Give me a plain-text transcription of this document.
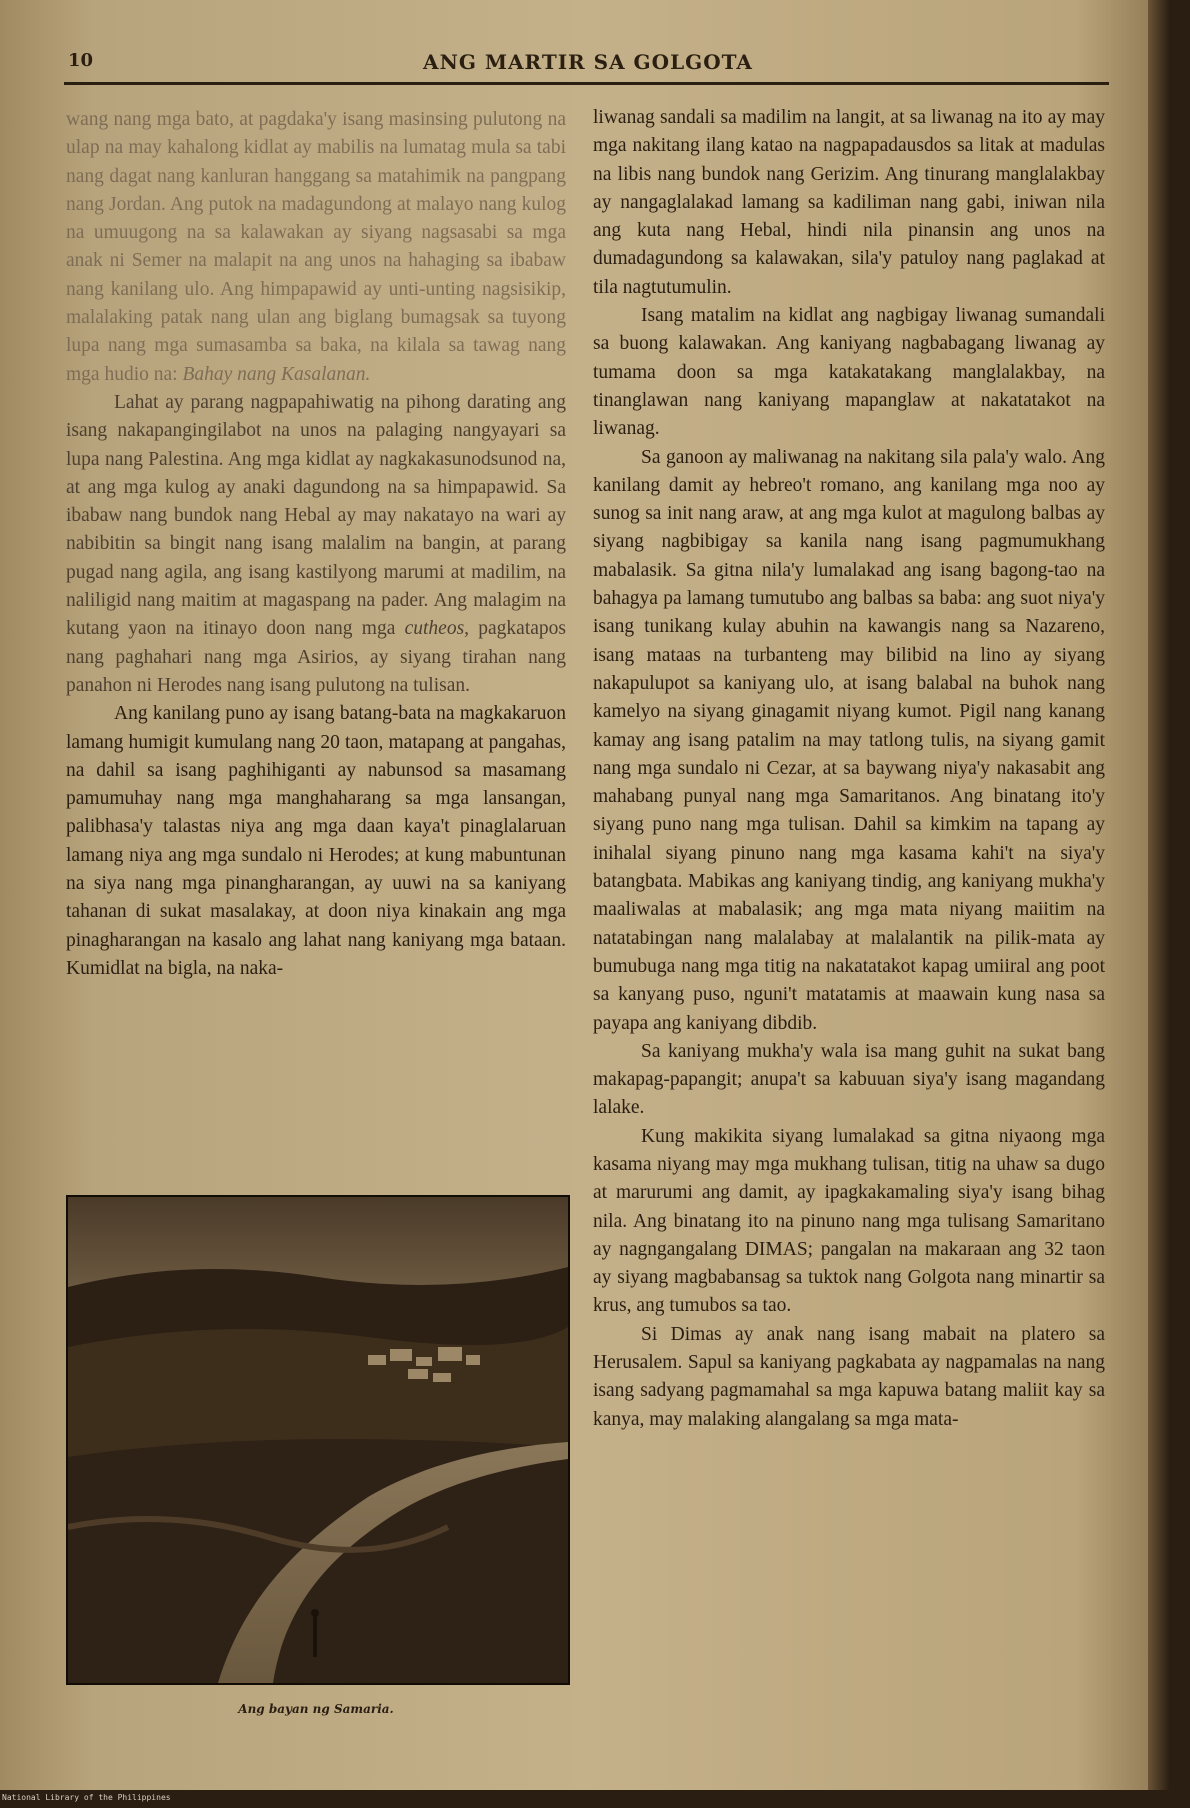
10	ANG MARTIR SA GOLGOTA

wang nang mga bato, at pagdaka'y isang masinsing pulutong na ulap na may kahalong kidlat ay mabilis na lumatag mula sa tabi nang dagat nang kanluran hanggang sa matahimik na pangpang nang Jordan. Ang putok na madagundong at malayo nang kulog na umuugong na sa kalawakan ay siyang nagsasabi sa mga anak ni Semer na malapit na ang unos na hahaging sa ibabaw nang kanilang ulo. Ang himpapawid ay unti-unting nagsisikip, malalaking patak nang ulan ang biglang bumagsak sa tuyong lupa nang mga sumasamba sa baka, na kilala sa tawag nang mga hudio na: Bahay nang Kasalanan.

Lahat ay parang nagpapahiwatig na pihong darating ang isang nakapangingilabot na unos na palaging nangyayari sa lupa nang Palestina. Ang mga kidlat ay nagkakasunodsunod na, at ang mga kulog ay anaki dagundong na sa himpapawid. Sa ibabaw nang bundok nang Hebal ay may nakatayo na wari ay nabibitin sa bingit nang isang malalim na bangin, at parang pugad nang agila, ang isang kastilyong marumi at madilim, na naliligid nang maitim at magaspang na pader. Ang malagim na kutang yaon na itinayo doon nang mga cutheos, pagkatapos nang paghahari nang mga Asirios, ay siyang tirahan nang panahon ni Herodes nang isang pulutong na tulisan.

Ang kanilang puno ay isang batang-bata na magkakaruon lamang humigit kumulang nang 20 taon, matapang at pangahas, na dahil sa isang paghihiganti ay nabunsod sa masamang pamumuhay nang mga manghaharang sa mga lansangan, palibhasa'y talastas niya ang mga daan kaya't pinaglalaruan lamang niya ang mga sundalo ni Herodes; at kung mabuntunan na siya nang mga pinangharangan, ay uuwi na sa kaniyang tahanan di sukat masalakay, at doon niya kinakain ang mga pinagharangan na kasalo ang lahat nang kaniyang mga bataan. Kumidlat na bigla, na naka-

Ang bayan ng Samaria.

liwanag sandali sa madilim na langit, at sa liwanag na ito ay may mga nakitang ilang katao na nagpapadausdos sa litak at madulas na libis nang bundok nang Gerizim. Ang tinurang manglalakbay ay nangaglalakad lamang sa kadiliman nang gabi, iniwan nila ang kuta nang Hebal, hindi nila pinansin ang unos na dumadagundong sa kalawakan, sila'y patuloy nang paglakad at tila nagtutumulin.

Isang matalim na kidlat ang nagbigay liwanag sumandali sa buong kalawakan. Ang kaniyang nagbabagang liwanag ay tumama doon sa mga katakatakang manglalakbay, na tinanglawan nang kaniyang mapanglaw at nakatatakot na liwanag.

Sa ganoon ay maliwanag na nakitang sila pala'y walo. Ang kanilang damit ay hebreo't romano, ang kanilang mga noo ay sunog sa init nang araw, at ang mga kulot at magulong balbas ay siyang nagbibigay sa kanila nang isang pagmumukhang mabalasik. Sa gitna nila'y lumalakad ang isang bagong-tao na bahagya pa lamang tumutubo ang balbas sa baba: ang suot niya'y isang tunikang kulay abuhin na kawangis nang sa Nazareno, isang mataas na turbanteng may bilibid na lino ay siyang nakapulupot sa kaniyang ulo, at isang balabal na buhok nang kamelyo na siyang ginagamit niyang kumot. Pigil nang kanang kamay ang isang patalim na may tatlong tulis, na siyang gamit nang mga sundalo ni Cezar, at sa baywang niya'y nakasabit ang mahabang punyal nang mga Samaritanos. Ang binatang ito'y siyang puno nang mga tulisan. Dahil sa kimkim na tapang ay inihalal siyang pinuno nang mga kasama kahi't na siya'y batangbata. Mabikas ang kaniyang tindig, ang kaniyang mukha'y maaliwalas at mabalasik; ang mga mata niyang maiitim na natatabingan nang malalabay at malalantik na pilik-mata ay bumubuga nang mga titig na nakatatakot kapag umiiral ang poot sa kanyang puso, nguni't matatamis at maawain kung nasa sa payapa ang kaniyang dibdib.

Sa kaniyang mukha'y wala isa mang guhit na sukat bang makapag-papangit; anupa't sa kabuuan siya'y isang magandang lalake.

Kung makikita siyang lumalakad sa gitna niyaong mga kasama niyang may mga mukhang tulisan, titig na uhaw sa dugo at marurumi ang damit, ay ipagkakamaling siya'y isang bihag nila. Ang binatang ito na pinuno nang mga tulisang Samaritano ay nagngangalang DIMAS; pangalan na makaraan ang 32 taon ay siyang magbabansag sa tuktok nang Golgota nang minartir sa krus, ang tumubos sa tao.

Si Dimas ay anak nang isang mabait na platero sa Herusalem. Sapul sa kaniyang pagkabata ay nagpamalas na nang isang sadyang pagmamahal sa mga kapuwa batang maliit kay sa kanya, may malaking alangalang sa mga mata-

National Library of the Philippines
